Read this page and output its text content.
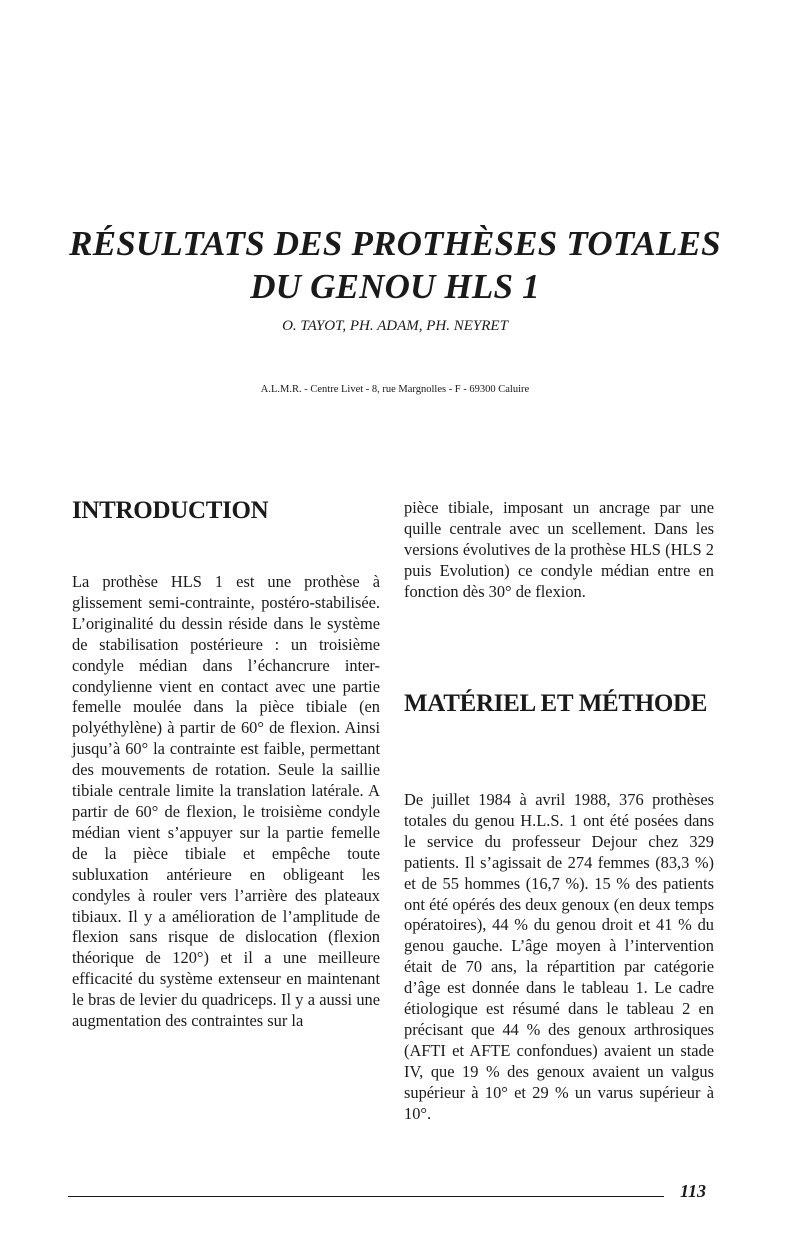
RÉSULTATS DES PROTHÈSES TOTALES
DU GENOU HLS 1

O. TAYOT, PH. ADAM, PH. NEYRET

A.L.M.R. - Centre Livet - 8, rue Margnolles - F - 69300 Caluire

INTRODUCTION

La prothèse HLS 1 est une prothèse à glissement semi-contrainte, postéro-stabilisée. L’originalité du dessin réside dans le système de stabilisation postérieure : un troisième condyle médian dans l’échancrure inter-condylienne vient en contact avec une partie femelle moulée dans la pièce tibiale (en polyéthylène) à partir de 60° de flexion. Ainsi jusqu’à 60° la contrainte est faible, permettant des mouvements de rotation. Seule la saillie tibiale centrale limite la translation latérale. A partir de 60° de flexion, le troisième condyle médian vient s’appuyer sur la partie femelle de la pièce tibiale et empêche toute subluxation antérieure en obligeant les condyles à rouler vers l’arrière des plateaux tibiaux. Il y a amélioration de l’amplitude de flexion sans risque de dislocation (flexion théorique de 120°) et il a une meilleure efficacité du système extenseur en maintenant le bras de levier du quadriceps. Il y a aussi une augmentation des contraintes sur la

pièce tibiale, imposant un ancrage par une quille centrale avec un scellement. Dans les versions évolutives de la prothèse HLS (HLS 2 puis Evolution) ce condyle médian entre en fonction dès 30° de flexion.

MATÉRIEL ET MÉTHODE

De juillet 1984 à avril 1988, 376 prothèses totales du genou H.L.S. 1 ont été posées dans le service du professeur Dejour chez 329 patients. Il s’agissait de 274 femmes (83,3 %) et de 55 hommes (16,7 %). 15 % des patients ont été opérés des deux genoux (en deux temps opératoires), 44 % du genou droit et 41 % du genou gauche. L’âge moyen à l’intervention était de 70 ans, la répartition par catégorie d’âge est donnée dans le tableau 1. Le cadre étiologique est résumé dans le tableau 2 en précisant que 44 % des genoux arthrosiques (AFTI et AFTE confondues) avaient un stade IV, que 19 % des genoux avaient un valgus supérieur à 10° et 29 % un varus supérieur à 10°.

113
